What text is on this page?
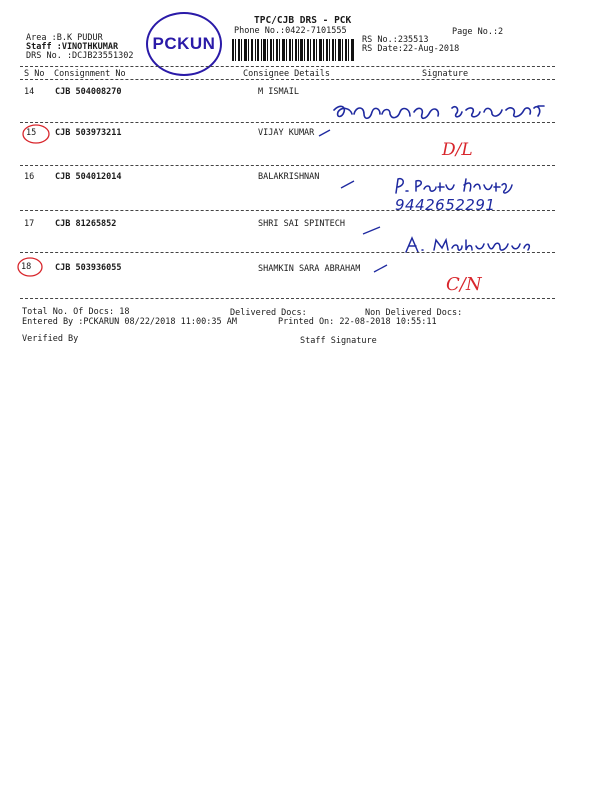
Area :B.K PUDUR
Staff :VINOTHKUMAR
DRS No. :DCJB23551302
PCKUN
TPC/CJB DRS - PCK
Phone No.:0422-7101555
RS No.:235513
RS Date:22-Aug-2018
Page No.:2
S No Consignment No	Consignee Details	Signature
14 CJB 504008270	M ISMAIL
15 CJB 503973211	VIJAY KUMAR
D/L
16 CJB 504012014	BALAKRISHNAN
9442652291
17 CJB 81265852	SHRI SAI SPINTECH
18	CJB 503936055	SHAMKIN SARA ABRAHAM
C/N
Total No. Of Docs: 18	Delivered Docs:	Non Delivered Docs:
Entered By :PCKARUN 08/22/2018 11:00:35 AM	Printed On: 22-08-2018 10:55:11
Verified By	Staff Signature
